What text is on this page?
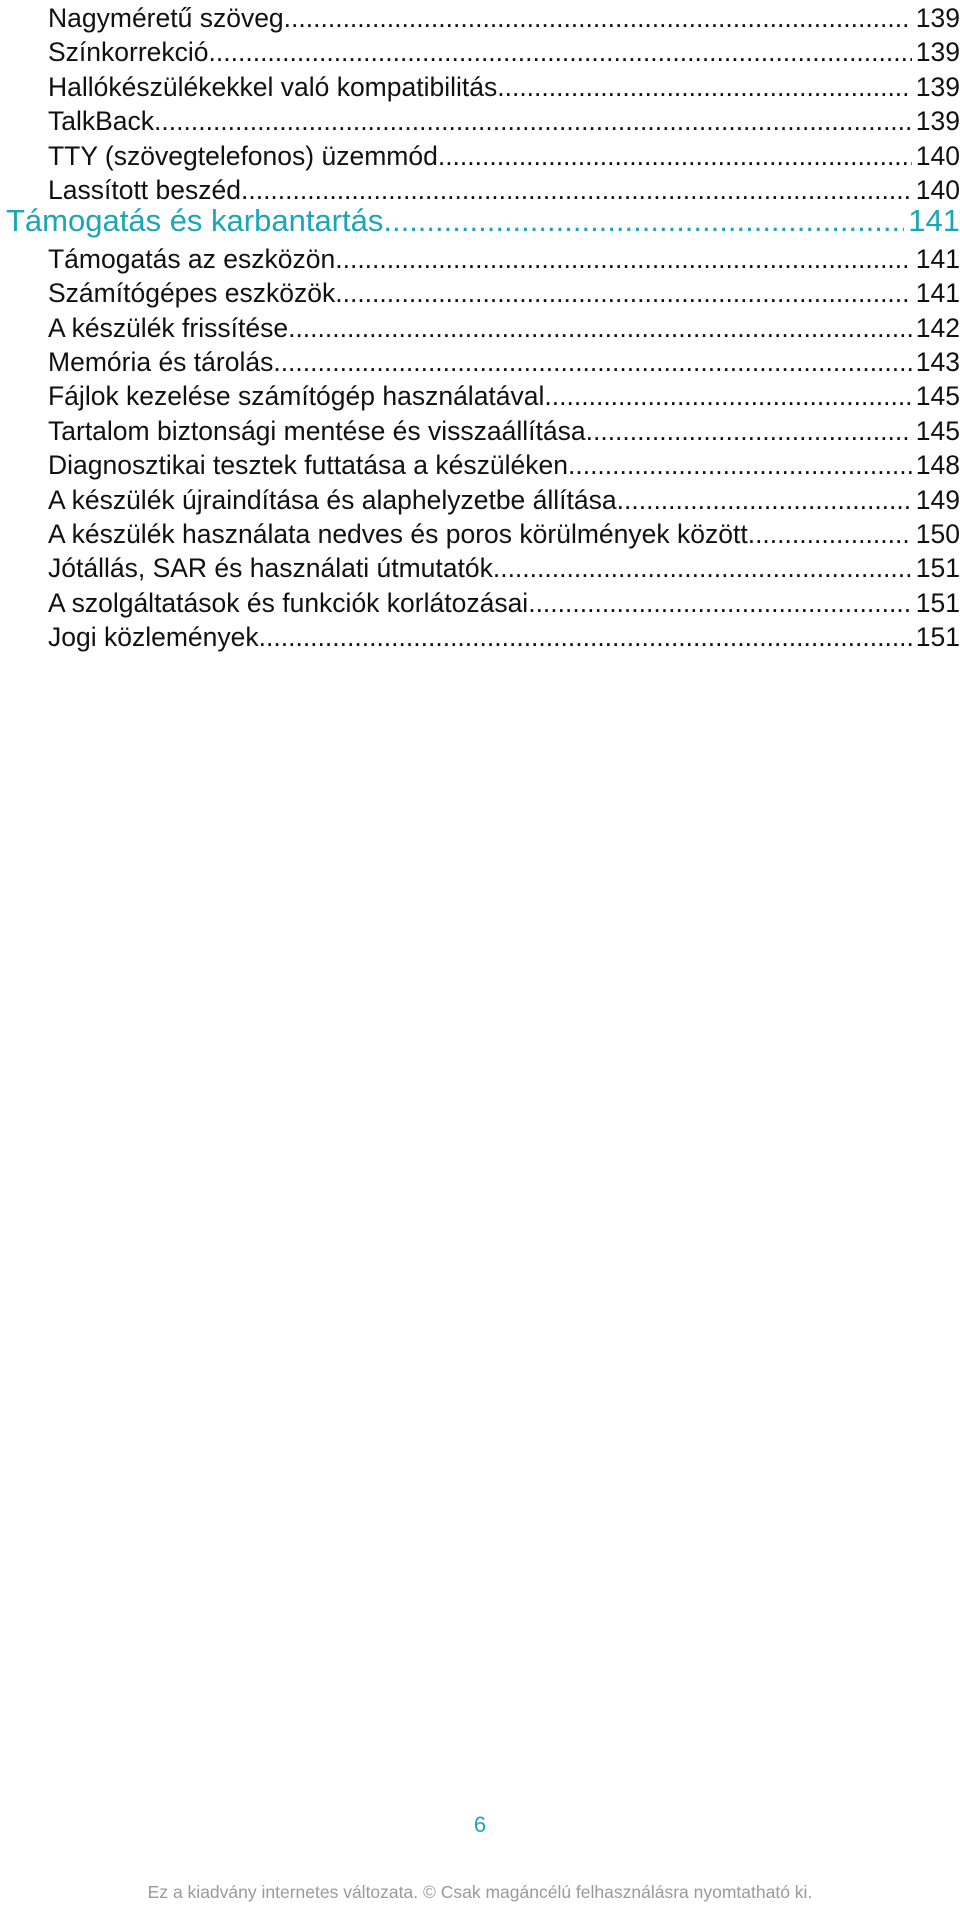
Nagyméretű szöveg .....	139
Színkorrekció .....	139
Hallókészülékekkel való kompatibilitás .....	139
TalkBack .....	139
TTY (szövegtelefonos) üzemmód .....	140
Lassított beszéd .....	140
Támogatás és karbantartás .....	141
Támogatás az eszközön .....	141
Számítógépes eszközök .....	141
A készülék frissítése .....	142
Memória és tárolás .....	143
Fájlok kezelése számítógép használatával .....	145
Tartalom biztonsági mentése és visszaállítása .....	145
Diagnosztikai tesztek futtatása a készüléken .....	148
A készülék újraindítása és alaphelyzetbe állítása .....	149
A készülék használata nedves és poros körülmények között .....	150
Jótállás, SAR és használati útmutatók .....	151
A szolgáltatások és funkciók korlátozásai .....	151
Jogi közlemények .....	151
6
Ez a kiadvány internetes változata. © Csak magáncélú felhasználásra nyomtatható ki.
